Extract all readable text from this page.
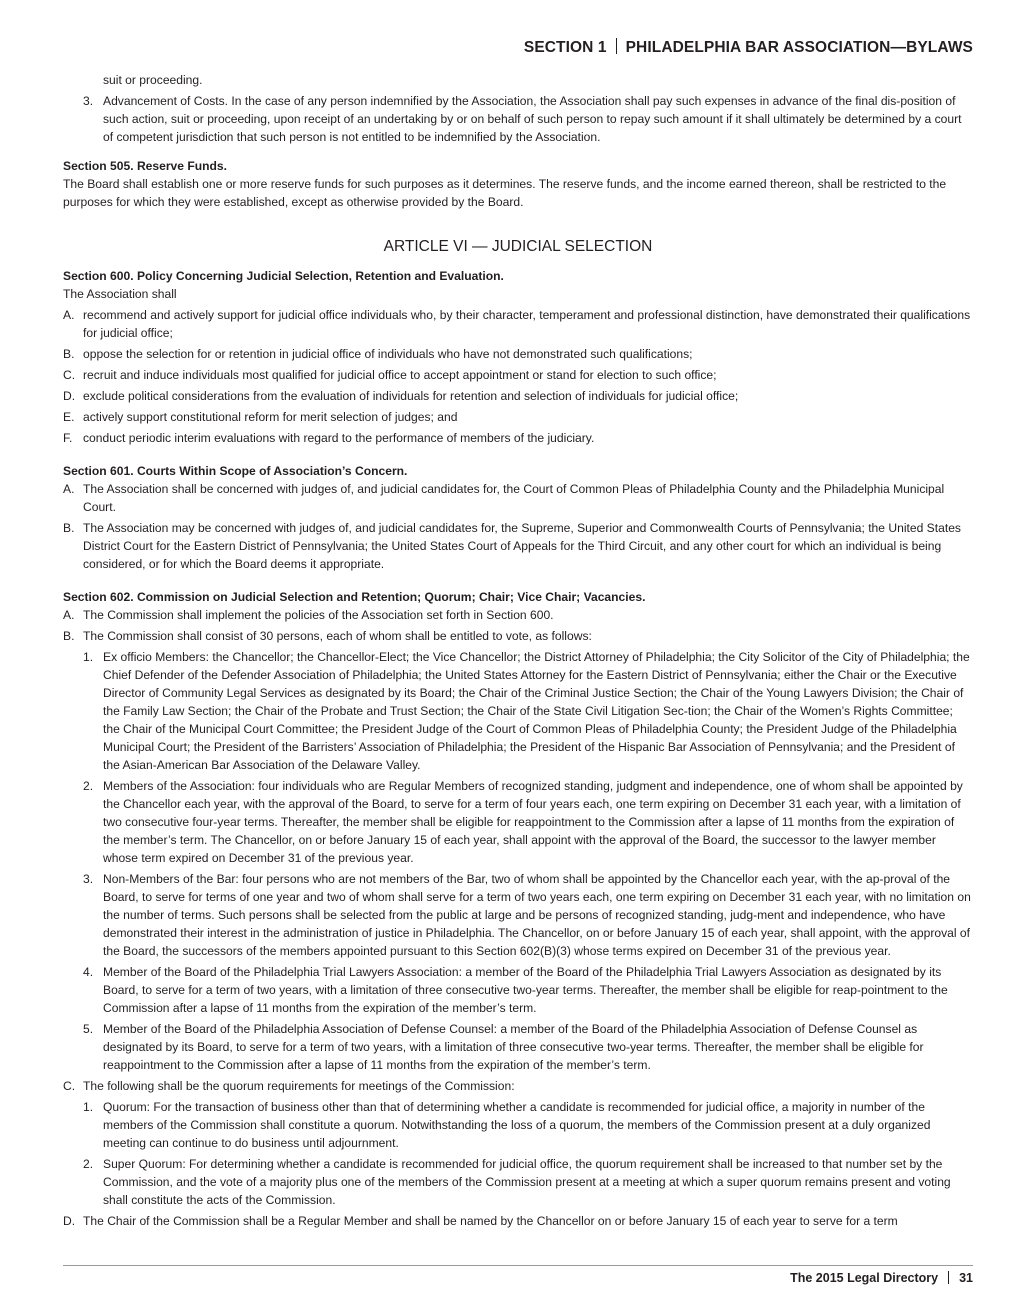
SECTION 1 PHILADELPHIA BAR ASSOCIATION—BYLAWS

suit or proceeding.

3. Advancement of Costs. In the case of any person indemnified by the Association, the Association shall pay such expenses in advance of the final dis-position of such action, suit or proceeding, upon receipt of an undertaking by or on behalf of such person to repay such amount if it shall ultimately be determined by a court of competent jurisdiction that such person is not entitled to be indemnified by the Association.

Section 505. Reserve Funds.

The Board shall establish one or more reserve funds for such purposes as it determines. The reserve funds, and the income earned thereon, shall be restricted to the purposes for which they were established, except as otherwise provided by the Board.

ARTICLE VI — JUDICIAL SELECTION

Section 600. Policy Concerning Judicial Selection, Retention and Evaluation.

The Association shall

A. recommend and actively support for judicial office individuals who, by their character, temperament and professional distinction, have demonstrated their qualifications for judicial office;
B. oppose the selection for or retention in judicial office of individuals who have not demonstrated such qualifications;
C. recruit and induce individuals most qualified for judicial office to accept appointment or stand for election to such office;
D. exclude political considerations from the evaluation of individuals for retention and selection of individuals for judicial office;
E. actively support constitutional reform for merit selection of judges; and
F. conduct periodic interim evaluations with regard to the performance of members of the judiciary.

Section 601. Courts Within Scope of Association’s Concern.

A. The Association shall be concerned with judges of, and judicial candidates for, the Court of Common Pleas of Philadelphia County and the Philadelphia Municipal Court.
B. The Association may be concerned with judges of, and judicial candidates for, the Supreme, Superior and Commonwealth Courts of Pennsylvania; the United States District Court for the Eastern District of Pennsylvania; the United States Court of Appeals for the Third Circuit, and any other court for which an individual is being considered, or for which the Board deems it appropriate.

Section 602. Commission on Judicial Selection and Retention; Quorum; Chair; Vice Chair; Vacancies.

A. The Commission shall implement the policies of the Association set forth in Section 600.
B. The Commission shall consist of 30 persons, each of whom shall be entitled to vote, as follows:
1. Ex officio Members: the Chancellor; the Chancellor-Elect; the Vice Chancellor; the District Attorney of Philadelphia; the City Solicitor of the City of Philadelphia; the Chief Defender of the Defender Association of Philadelphia; the United States Attorney for the Eastern District of Pennsylvania; either the Chair or the Executive Director of Community Legal Services as designated by its Board; the Chair of the Criminal Justice Section; the Chair of the Young Lawyers Division; the Chair of the Family Law Section; the Chair of the Probate and Trust Section; the Chair of the State Civil Litigation Sec-tion; the Chair of the Women’s Rights Committee; the Chair of the Municipal Court Committee; the President Judge of the Court of Common Pleas of Philadelphia County; the President Judge of the Philadelphia Municipal Court; the President of the Barristers’ Association of Philadelphia; the President of the Hispanic Bar Association of Pennsylvania; and the President of the Asian-American Bar Association of the Delaware Valley.
2. Members of the Association: four individuals who are Regular Members of recognized standing, judgment and independence, one of whom shall be appointed by the Chancellor each year, with the approval of the Board, to serve for a term of four years each, one term expiring on December 31 each year, with a limitation of two consecutive four-year terms. Thereafter, the member shall be eligible for reappointment to the Commission after a lapse of 11 months from the expiration of the member’s term. The Chancellor, on or before January 15 of each year, shall appoint with the approval of the Board, the successor to the lawyer member whose term expired on December 31 of the previous year.
3. Non-Members of the Bar: four persons who are not members of the Bar, two of whom shall be appointed by the Chancellor each year, with the ap-proval of the Board, to serve for terms of one year and two of whom shall serve for a term of two years each, one term expiring on December 31 each year, with no limitation on the number of terms. Such persons shall be selected from the public at large and be persons of recognized standing, judg-ment and independence, who have demonstrated their interest in the administration of justice in Philadelphia. The Chancellor, on or before January 15 of each year, shall appoint, with the approval of the Board, the successors of the members appointed pursuant to this Section 602(B)(3) whose terms expired on December 31 of the previous year.
4. Member of the Board of the Philadelphia Trial Lawyers Association: a member of the Board of the Philadelphia Trial Lawyers Association as designated by its Board, to serve for a term of two years, with a limitation of three consecutive two-year terms. Thereafter, the member shall be eligible for reap-pointment to the Commission after a lapse of 11 months from the expiration of the member’s term.
5. Member of the Board of the Philadelphia Association of Defense Counsel: a member of the Board of the Philadelphia Association of Defense Counsel as designated by its Board, to serve for a term of two years, with a limitation of three consecutive two-year terms. Thereafter, the member shall be eligible for reappointment to the Commission after a lapse of 11 months from the expiration of the member’s term.
C. The following shall be the quorum requirements for meetings of the Commission:
1. Quorum: For the transaction of business other than that of determining whether a candidate is recommended for judicial office, a majority in number of the members of the Commission shall constitute a quorum. Notwithstanding the loss of a quorum, the members of the Commission present at a duly organized meeting can continue to do business until adjournment.
2. Super Quorum: For determining whether a candidate is recommended for judicial office, the quorum requirement shall be increased to that number set by the Commission, and the vote of a majority plus one of the members of the Commission present at a meeting at which a super quorum remains present and voting shall constitute the acts of the Commission.
D. The Chair of the Commission shall be a Regular Member and shall be named by the Chancellor on or before January 15 of each year to serve for a term
The 2015 Legal Directory 31
